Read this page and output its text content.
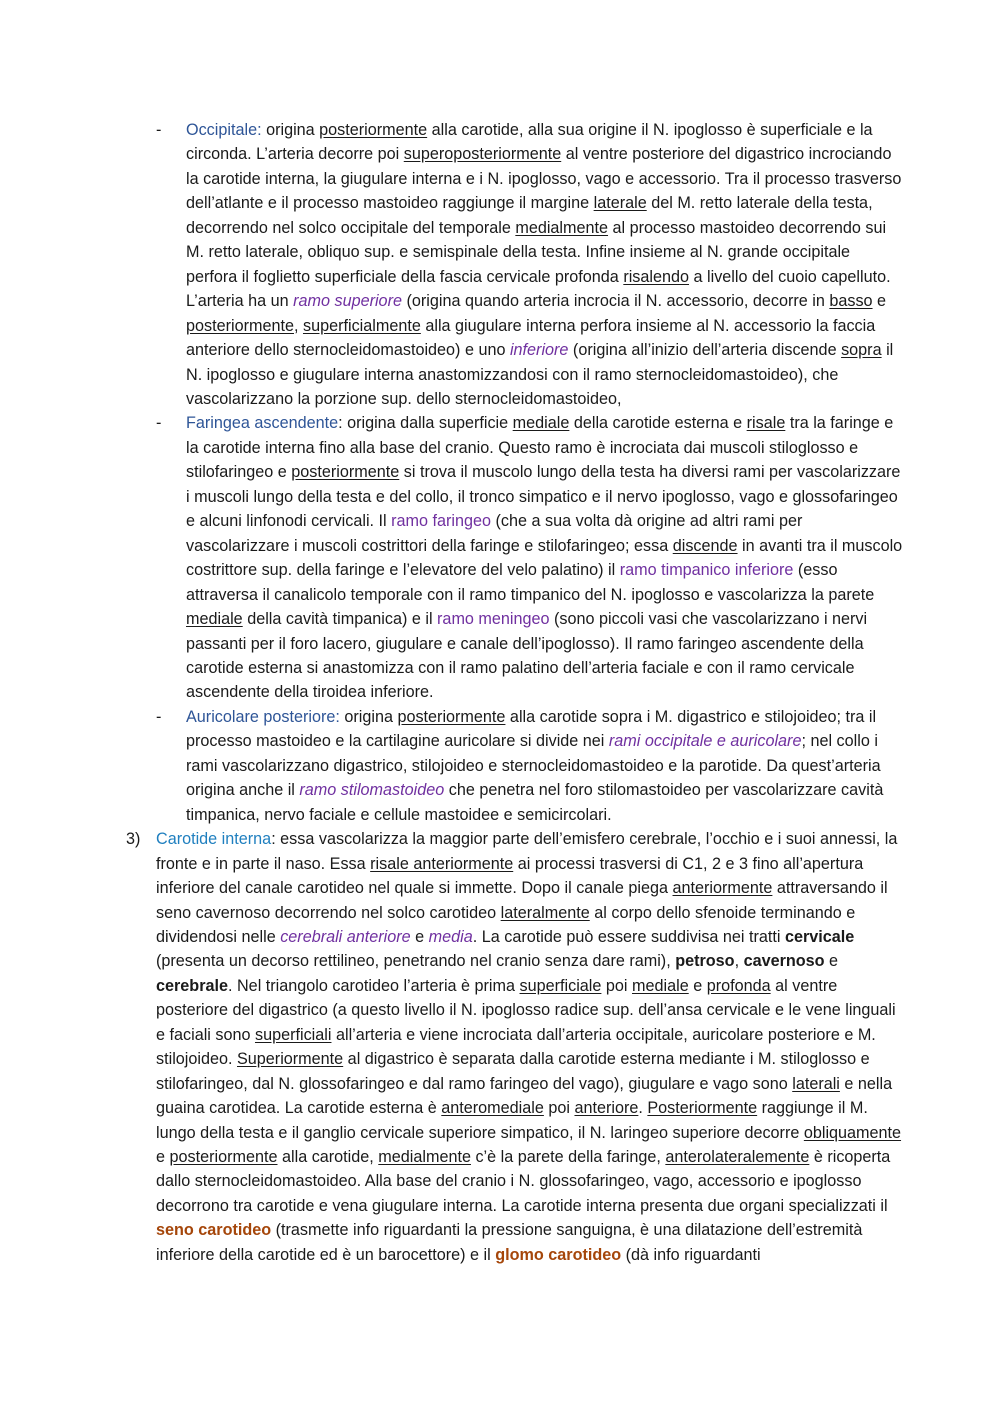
- Occipitale: origina posteriormente alla carotide, alla sua origine il N. ipoglosso è superficiale e la circonda. L’arteria decorre poi superoposteriormente al ventre posteriore del digastrico incrociando la carotide interna, la giugulare interna e i N. ipoglosso, vago e accessorio. Tra il processo trasverso dell’atlante e il processo mastoideo raggiunge il margine laterale del M. retto laterale della testa, decorrendo nel solco occipitale del temporale medialmente al processo mastoideo decorrendo sui M. retto laterale, obliquo sup. e semispinale della testa. Infine insieme al N. grande occipitale perfora il foglietto superficiale della fascia cervicale profonda risalendo a livello del cuoio capelluto. L’arteria ha un ramo superiore (origina quando arteria incrocia il N. accessorio, decorre in basso e posteriormente, superficialmente alla giugulare interna perfora insieme al N. accessorio la faccia anteriore dello sternocleidomastoideo) e uno inferiore (origina all’inizio dell’arteria discende sopra il N. ipoglosso e giugulare interna anastomizzandosi con il ramo sternocleidomastoideo), che vascolarizzano la porzione sup. dello sternocleidomastoideo,

- Faringea ascendente: origina dalla superficie mediale della carotide esterna e risale tra la faringe e la carotide interna fino alla base del cranio. Questo ramo è incrociata dai muscoli stiloglosso e stilofaringeo e posteriormente si trova il muscolo lungo della testa ha diversi rami per vascolarizzare i muscoli lungo della testa e del collo, il tronco simpatico e il nervo ipoglosso, vago e glossofaringeo e alcuni linfonodi cervicali. Il ramo faringeo (che a sua volta dà origine ad altri rami per vascolarizzare i muscoli costrittori della faringe e stilofaringeo; essa discende in avanti tra il muscolo costrittore sup. della faringe e l’elevatore del velo palatino) il ramo timpanico inferiore (esso attraversa il canalicolo temporale con il ramo timpanico del N. ipoglosso e vascolarizza la parete mediale della cavità timpanica) e il ramo meningeo (sono piccoli vasi che vascolarizzano i nervi passanti per il foro lacero, giugulare e canale dell’ipoglosso). Il ramo faringeo ascendente della carotide esterna si anastomizza con il ramo palatino dell’arteria faciale e con il ramo cervicale ascendente della tiroidea inferiore.

- Auricolare posteriore: origina posteriormente alla carotide sopra i M. digastrico e stilojoideo; tra il processo mastoideo e la cartilagine auricolare si divide nei rami occipitale e auricolare; nel collo i rami vascolarizzano digastrico, stilojoideo e sternocleidomastoideo e la parotide. Da quest’arteria origina anche il ramo stilomastoideo che penetra nel foro stilomastoideo per vascolarizzare cavità timpanica, nervo faciale e cellule mastoidee e semicircolari.

3) Carotide interna: essa vascolarizza la maggior parte dell’emisfero cerebrale, l’occhio e i suoi annessi, la fronte e in parte il naso. Essa risale anteriormente ai processi trasversi di C1, 2 e 3 fino all’apertura inferiore del canale carotideo nel quale si immette. Dopo il canale piega anteriormente attraversando il seno cavernoso decorrendo nel solco carotideo lateralmente al corpo dello sfenoide terminando e dividendosi nelle cerebrali anteriore e media. La carotide può essere suddivisa nei tratti cervicale (presenta un decorso rettilineo, penetrando nel cranio senza dare rami), petroso, cavernoso e cerebrale. Nel triangolo carotideo l’arteria è prima superficiale poi mediale e profonda al ventre posteriore del digastrico (a questo livello il N. ipoglosso radice sup. dell’ansa cervicale e le vene linguali e faciali sono superficiali all’arteria e viene incrociata dall’arteria occipitale, auricolare posteriore e M. stilojoideo. Superiormente al digastrico è separata dalla carotide esterna mediante i M. stiloglosso e stilofaringeo, dal N. glossofaringeo e dal ramo faringeo del vago), giugulare e vago sono laterali e nella guaina carotidea. La carotide esterna è anteromediale poi anteriore. Posteriormente raggiunge il M. lungo della testa e il ganglio cervicale superiore simpatico, il N. laringeo superiore decorre obliquamente e posteriormente alla carotide, medialmente c’è la parete della faringe, anterolateralemente è ricoperta dallo sternocleidomastoideo. Alla base del cranio i N. glossofaringeo, vago, accessorio e ipoglosso decorrono tra carotide e vena giugulare interna. La carotide interna presenta due organi specializzati il seno carotideo (trasmette info riguardanti la pressione sanguigna, è una dilatazione dell’estremità inferiore della carotide ed è un barocettore) e il glomo carotideo (dà info riguardanti
